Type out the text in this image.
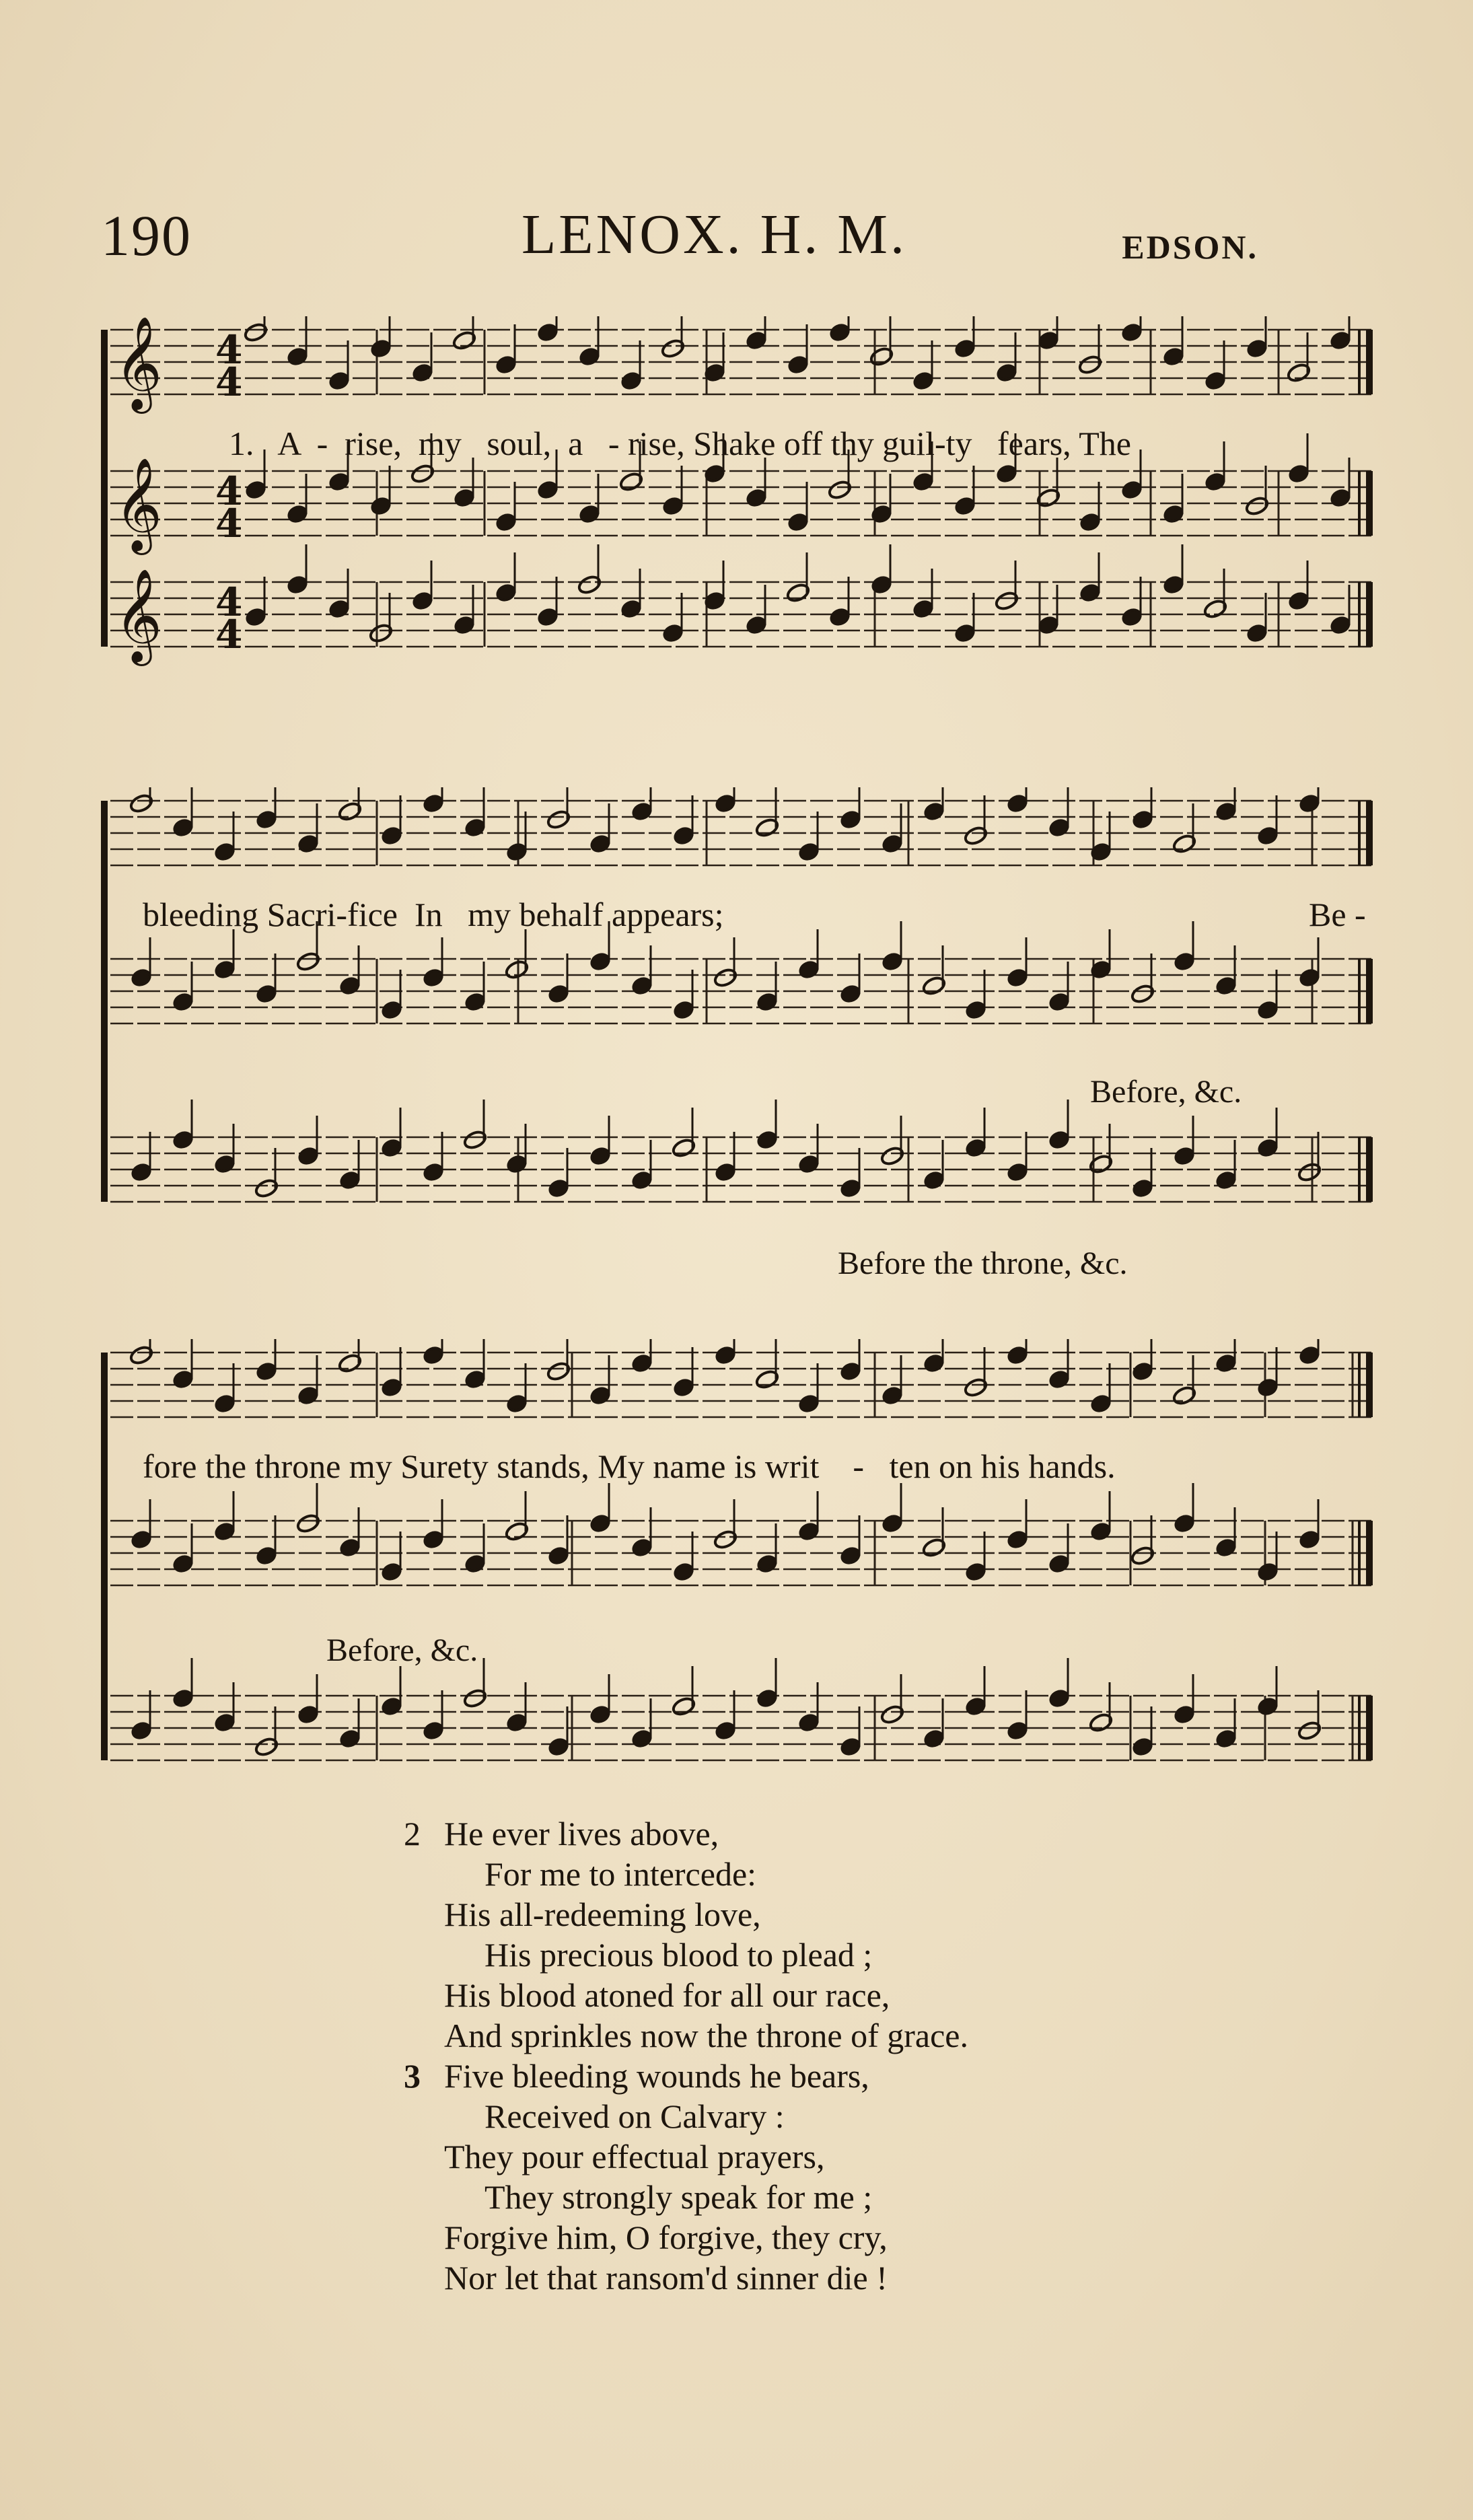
190	LENOX. H. M.	EDSON.
𝄞 4
4
𝄞 4
4
𝄞 4
4
1.   A  -  rise,  my   soul,  a   - rise, Shake off thy guil-ty   fears, The
bleeding Sacri-fice  In   my behalf appears;	Be -
Before, &c.
Before the throne, &c.
fore the throne my Surety stands, My name is writ    -   ten on his hands.
Before, &c.
2 He ever lives above,
For me to intercede:
His all-redeeming love,
His precious blood to plead ;
His blood atoned for all our race,
And sprinkles now the throne of grace.
3 Five bleeding wounds he bears,
Received on Calvary :
They pour effectual prayers,
They strongly speak for me ;
Forgive him, O forgive, they cry,
Nor let that ransom'd sinner die !
